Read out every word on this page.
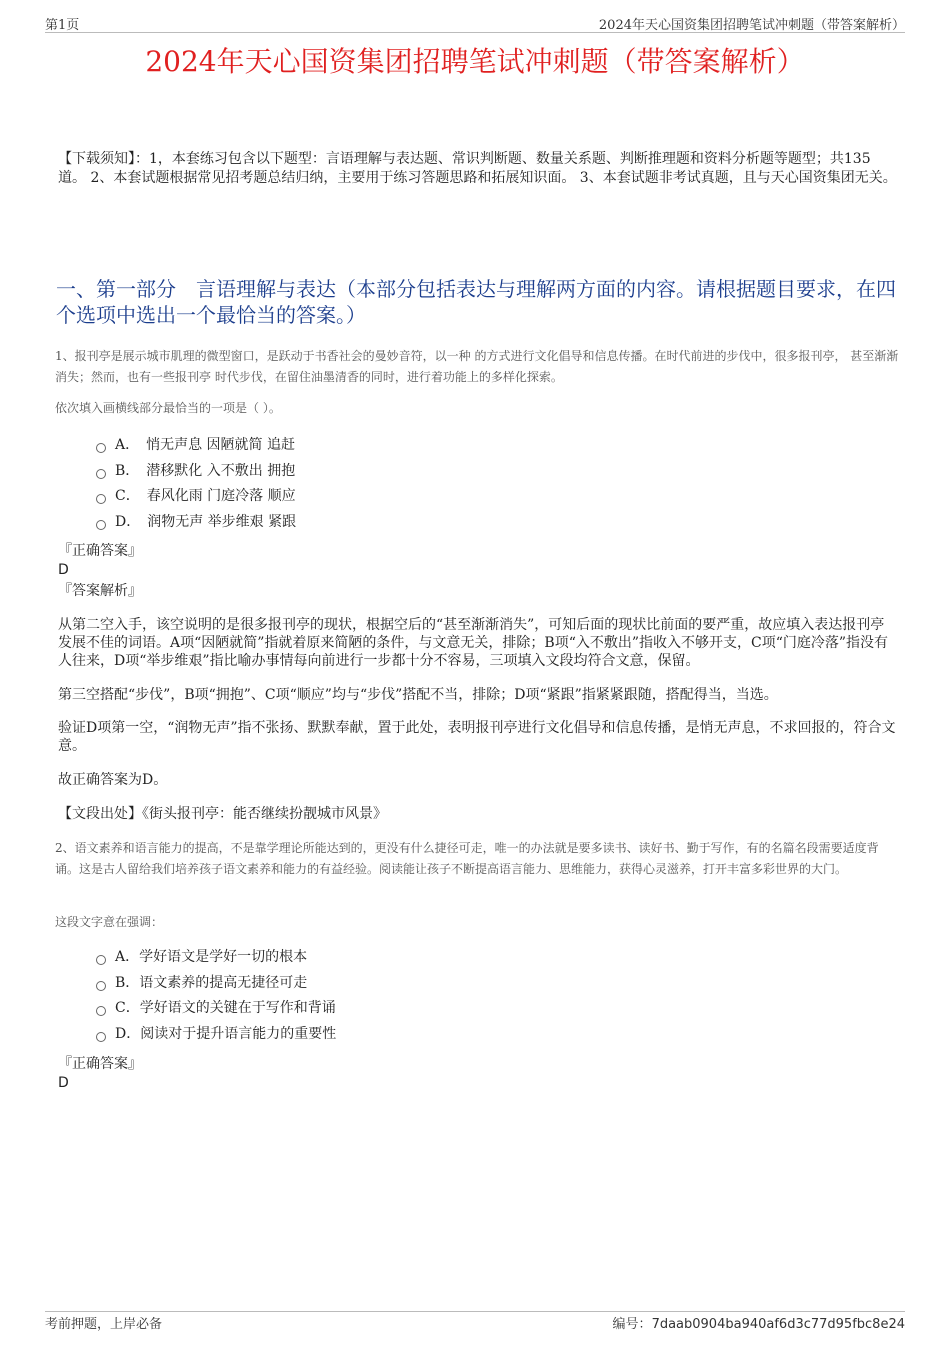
第1页	2024年天心国资集团招聘笔试冲刺题（带答案解析）
2024年天心国资集团招聘笔试冲刺题（带答案解析）
【下载须知】：1，本套练习包含以下题型：言语理解与表达题、常识判断题、数量关系题、判断推理题和资料分析题等题型；共135道。 2、本套试题根据常见招考题总结归纳，主要用于练习答题思路和拓展知识面。 3、本套试题非考试真题，且与天心国资集团无关。
一、第一部分　言语理解与表达（本部分包括表达与理解两方面的内容。请根据题目要求，在四个选项中选出一个最恰当的答案。）
1、报刊亭是展示城市肌理的微型窗口，是跃动于书香社会的曼妙音符，以一种 的方式进行文化倡导和信息传播。在时代前进的步伐中，很多报刊亭， 甚至渐渐消失；然而，也有一些报刊亭 时代步伐，在留住油墨清香的同时，进行着功能上的多样化探索。
依次填入画横线部分最恰当的一项是（ ）。
A．　悄无声息 因陋就简 追赶
B．　潜移默化 入不敷出 拥抱
C．　春风化雨 门庭冷落 顺应
D．　润物无声 举步维艰 紧跟
『正确答案』
D
『答案解析』
从第二空入手，该空说明的是很多报刊亭的现状，根据空后的“甚至渐渐消失”，可知后面的现状比前面的要严重，故应填入表达报刊亭发展不佳的词语。A项“因陋就简”指就着原来简陋的条件，与文意无关，排除；B项“入不敷出”指收入不够开支，C项“门庭冷落”指没有人往来，D项“举步维艰”指比喻办事情每向前进行一步都十分不容易，三项填入文段均符合文意，保留。
第三空搭配“步伐”，B项“拥抱”、C项“顺应”均与“步伐”搭配不当，排除；D项“紧跟”指紧紧跟随，搭配得当，当选。
验证D项第一空，“润物无声”指不张扬、默默奉献，置于此处，表明报刊亭进行文化倡导和信息传播，是悄无声息，不求回报的，符合文意。
故正确答案为D。
【文段出处】《街头报刊亭：能否继续扮靓城市风景》
2、语文素养和语言能力的提高，不是靠学理论所能达到的，更没有什么捷径可走，唯一的办法就是要多读书、读好书、勤于写作，有的名篇名段需要适度背诵。这是古人留给我们培养孩子语文素养和能力的有益经验。阅读能让孩子不断提高语言能力、思维能力，获得心灵滋养，打开丰富多彩世界的大门。
这段文字意在强调：
A．学好语文是学好一切的根本
B．语文素养的提高无捷径可走
C．学好语文的关键在于写作和背诵
D．阅读对于提升语言能力的重要性
『正确答案』
D
考前押题，上岸必备	编号：7daab0904ba940af6d3c77d95fbc8e24
